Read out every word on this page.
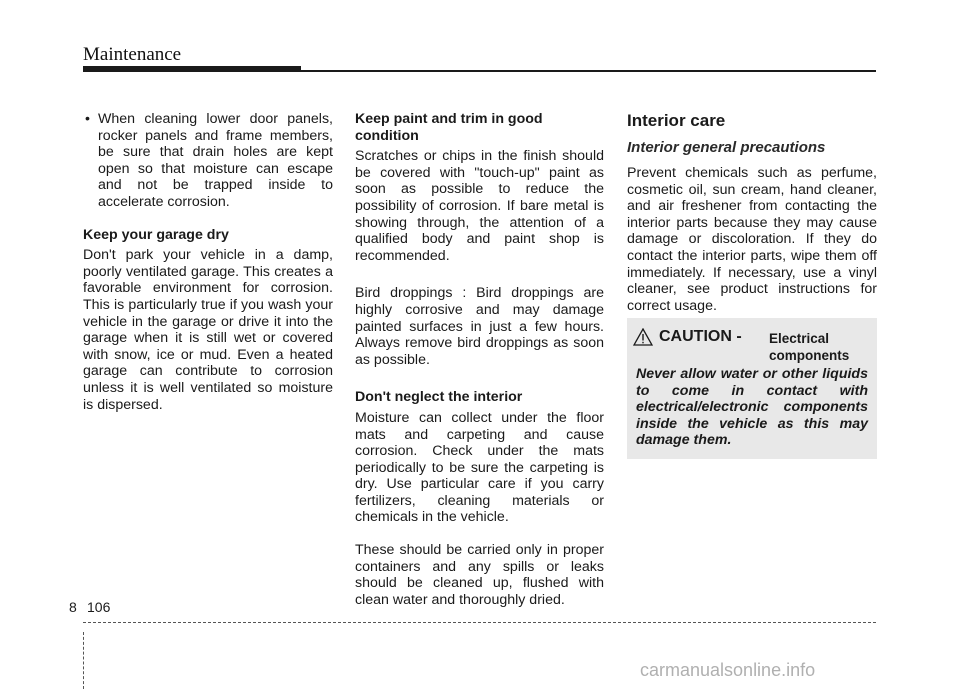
Maintenance
• When cleaning lower door panels, rocker panels and frame members, be sure that drain holes are kept open so that moisture can escape and not be trapped inside to accelerate corrosion.
Keep your garage dry

Don't park your vehicle in a damp, poorly ventilated garage. This creates a favorable environment for corrosion. This is particularly true if you wash your vehicle in the garage or drive it into the garage when it is still wet or covered with snow, ice or mud. Even a heated garage can contribute to corrosion unless it is well ventilated so moisture is dispersed.

Keep paint and trim in good condition

Scratches or chips in the finish should be covered with "touch-up" paint as soon as possible to reduce the possibility of corrosion. If bare metal is showing through, the attention of a qualified body and paint shop is recommended.

Bird droppings : Bird droppings are highly corrosive and may damage painted surfaces in just a few hours. Always remove bird droppings as soon as possible.

Don't neglect the interior

Moisture can collect under the floor mats and carpeting and cause corrosion. Check under the mats periodically to be sure the carpeting is dry. Use particular care if you carry fertilizers, cleaning materials or chemicals in the vehicle.

These should be carried only in proper containers and any spills or leaks should be cleaned up, flushed with clean water and thoroughly dried.

Interior care
Interior general precautions

Prevent chemicals such as perfume, cosmetic oil, sun cream, hand cleaner, and air freshener from contacting the interior parts because they may cause damage or discoloration. If they do contact the interior parts, wipe them off immediately. If necessary, use a vinyl cleaner, see product instructions for correct usage.

CAUTION - Electrical components
Never allow water or other liquids to come in contact with electrical/electronic components inside the vehicle as this may damage them.
8 106
carmanualsonline.info
